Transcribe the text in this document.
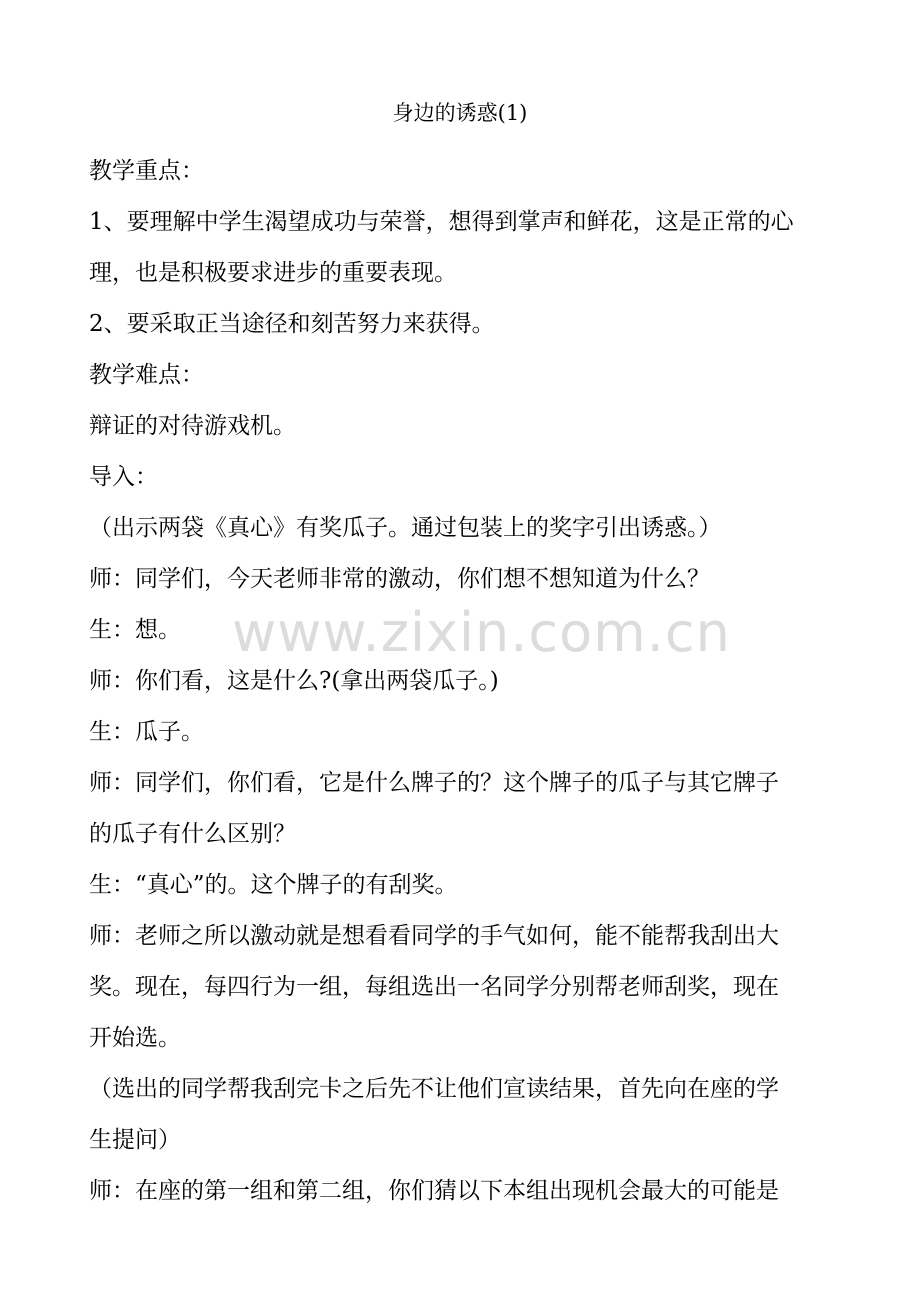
身边的诱惑(1)
教学重点：
1、要理解中学生渴望成功与荣誉，想得到掌声和鲜花，这是正常的心
理，也是积极要求进步的重要表现。
2、要采取正当途径和刻苦努力来获得。
教学难点：
辩证的对待游戏机。
导入：
（出示两袋《真心》有奖瓜子。通过包装上的奖字引出诱惑。）
师：同学们，今天老师非常的激动，你们想不想知道为什么？
生：想。
师：你们看，这是什么?(拿出两袋瓜子。)
生：瓜子。
师：同学们，你们看，它是什么牌子的？这个牌子的瓜子与其它牌子
的瓜子有什么区别？
生：“真心”的。这个牌子的有刮奖。
师：老师之所以激动就是想看看同学的手气如何，能不能帮我刮出大
奖。现在，每四行为一组，每组选出一名同学分别帮老师刮奖，现在
开始选。
（选出的同学帮我刮完卡之后先不让他们宣读结果，首先向在座的学
生提问）
师：在座的第一组和第二组，你们猜以下本组出现机会最大的可能是
www.zixin.com.cn
